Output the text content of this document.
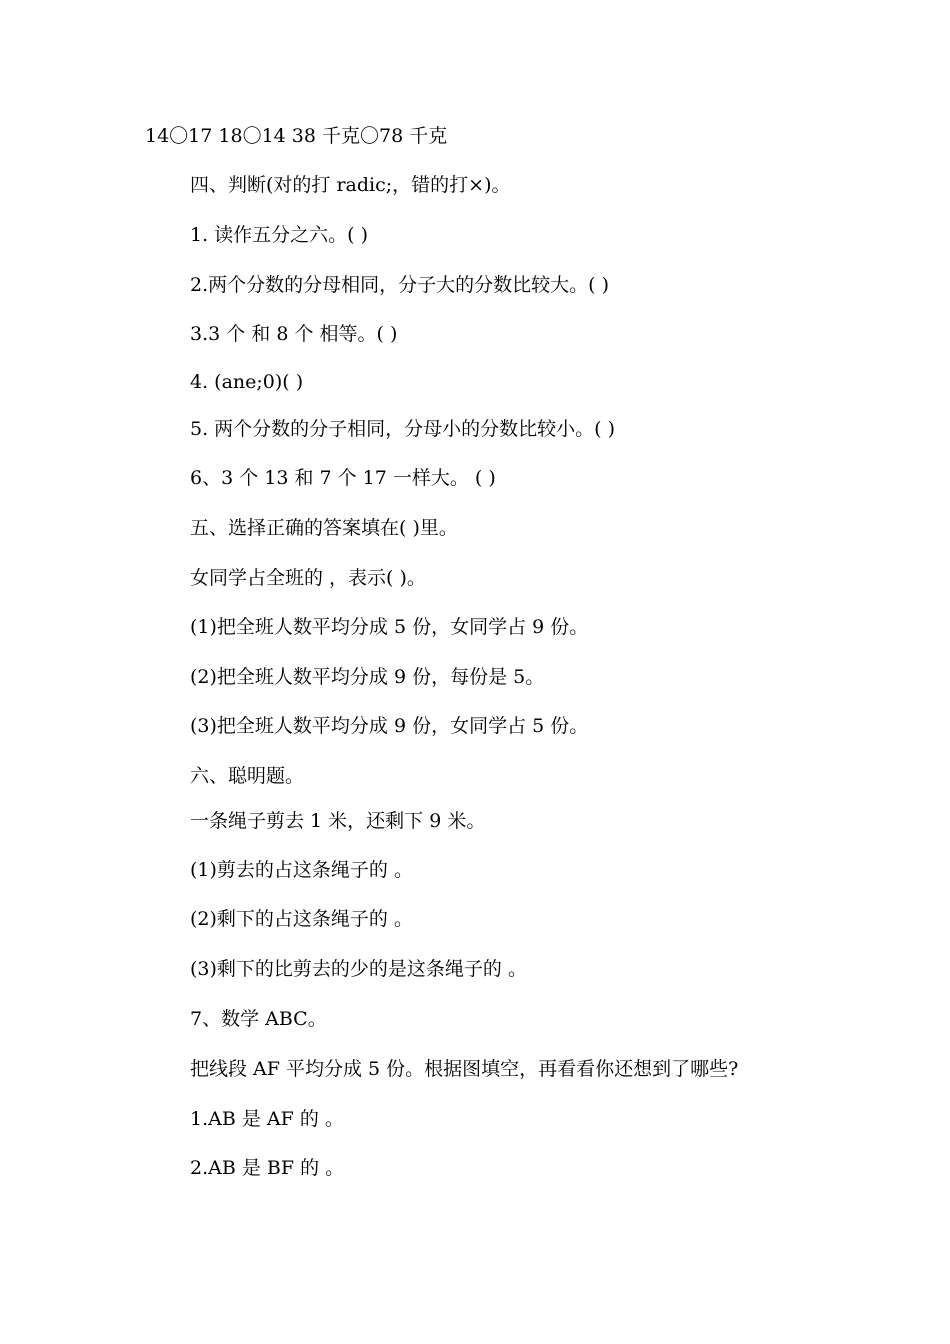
14〇17 18〇14 38 千克〇78 千克
四、判断(对的打 radic;，错的打×)。
1. 读作五分之六。( )
2.两个分数的分母相同，分子大的分数比较大。( )
3.3 个 和 8 个 相等。( )
4. (ane;0)( )
5. 两个分数的分子相同，分母小的分数比较小。( )
6、3 个 13 和 7 个 17 一样大。 ( )
五、选择正确的答案填在( )里。
女同学占全班的 ，表示( )。
(1)把全班人数平均分成 5 份，女同学占 9 份。
(2)把全班人数平均分成 9 份，每份是 5。
(3)把全班人数平均分成 9 份，女同学占 5 份。
六、聪明题。
一条绳子剪去 1 米，还剩下 9 米。
(1)剪去的占这条绳子的 。
(2)剩下的占这条绳子的 。
(3)剩下的比剪去的少的是这条绳子的 。
7、数学 ABC。
把线段 AF 平均分成 5 份。根据图填空，再看看你还想到了哪些?
1.AB 是 AF 的 。
2.AB 是 BF 的 。
